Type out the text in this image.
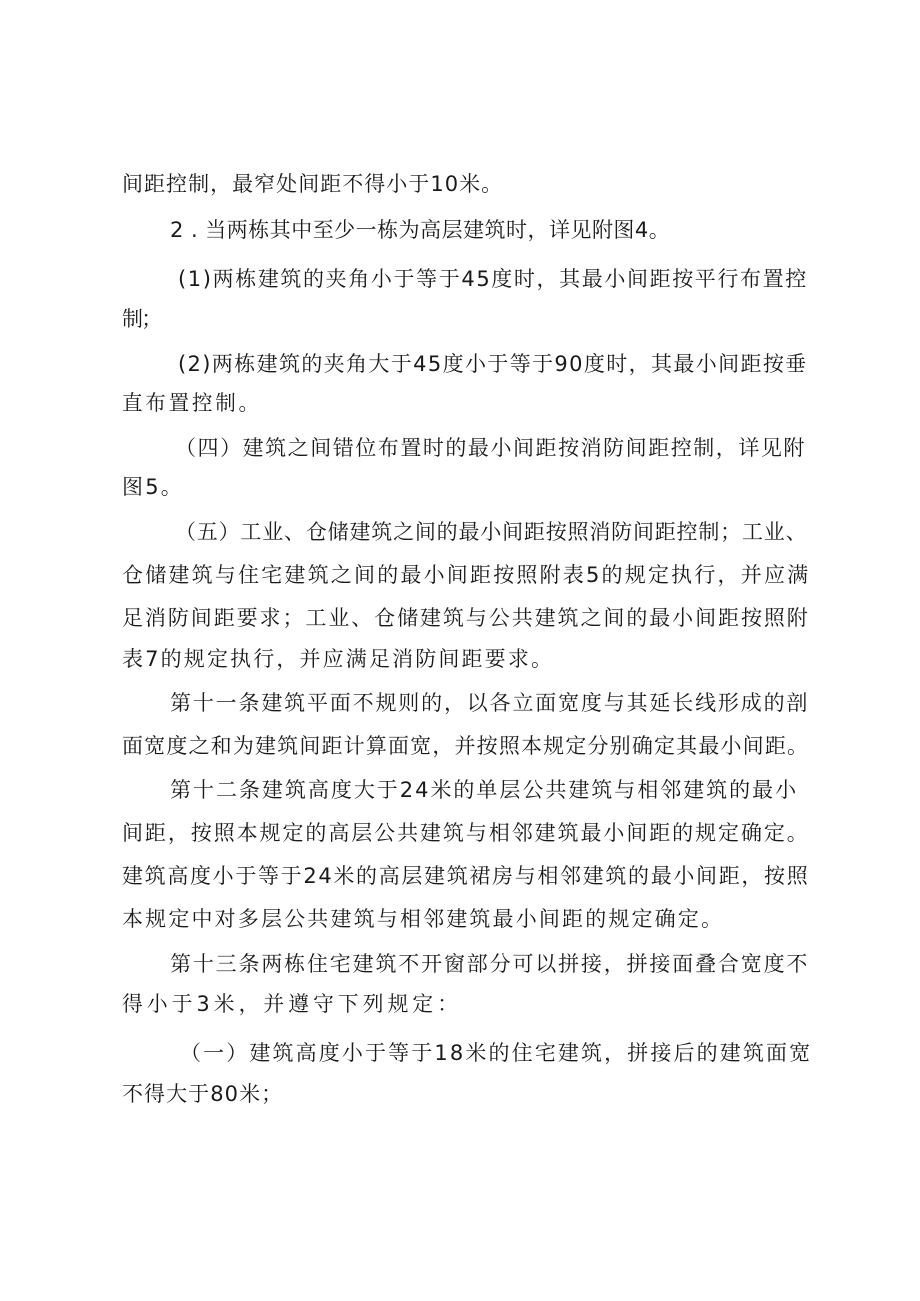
间距控制，最窄处间距不得小于10米。
2 . 当两栋其中至少一栋为高层建筑时，详见附图4。
(1)两栋建筑的夹角小于等于45度时，其最小间距按平行布置控
制；
(2)两栋建筑的夹角大于45度小于等于90度时，其最小间距按垂
直布置控制。
（四）建筑之间错位布置时的最小间距按消防间距控制，详见附
图5。
（五）工业、仓储建筑之间的最小间距按照消防间距控制；工业、
仓储建筑与住宅建筑之间的最小间距按照附表5的规定执行，并应满
足消防间距要求；工业、仓储建筑与公共建筑之间的最小间距按照附
表7的规定执行，并应满足消防间距要求。
第十一条建筑平面不规则的，以各立面宽度与其延长线形成的剖
面宽度之和为建筑间距计算面宽，并按照本规定分别确定其最小间距。
第十二条建筑高度大于24米的单层公共建筑与相邻建筑的最小
间距，按照本规定的高层公共建筑与相邻建筑最小间距的规定确定。
建筑高度小于等于24米的高层建筑裙房与相邻建筑的最小间距，按照
本规定中对多层公共建筑与相邻建筑最小间距的规定确定。
第十三条两栋住宅建筑不开窗部分可以拼接，拼接面叠合宽度不
得小于3米，并遵守下列规定：
（一）建筑高度小于等于18米的住宅建筑，拼接后的建筑面宽
不得大于80米；
